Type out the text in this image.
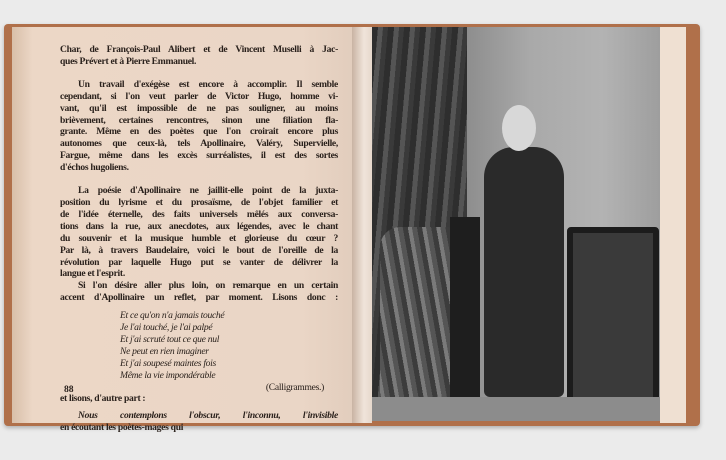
Char, de François-Paul Alibert et de Vincent Muselli à Jac-
ques Prévert et à Pierre Emmanuel.
Un travail d'exégèse est encore à accomplir. Il semble
cependant, si l'on veut parler de Victor Hugo, homme vi-
vant, qu'il est impossible de ne pas souligner, au moins
brièvement, certaines rencontres, sinon une filiation fla-
grante. Même en des poètes que l'on croirait encore plus
autonomes que ceux-là, tels Apollinaire, Valéry, Supervielle,
Fargue, même dans les excès surréalistes, il est des sortes
d'échos hugoliens.
La poésie d'Apollinaire ne jaillit-elle point de la juxta-
position du lyrisme et du prosaïsme, de l'objet familier et
de l'idée éternelle, des faits universels mêlés aux conversa-
tions dans la rue, aux anecdotes, aux légendes, avec le chant
du souvenir et la musique humble et glorieuse du cœur ?
Par là, à travers Baudelaire, voici le bout de l'oreille de la
révolution par laquelle Hugo put se vanter de délivrer la
langue et l'esprit.
Si l'on désire aller plus loin, on remarque en un certain
accent d'Apollinaire un reflet, par moment. Lisons donc :
Et ce qu'on n'a jamais touché
Je l'ai touché, je l'ai palpé
Et j'ai scruté tout ce que nul
Ne peut en rien imaginer
Et j'ai soupesé maintes fois
Même la vie impondérable
(Calligrammes.)
et lisons, d'autre part :
Nous contemplons l'obscur, l'inconnu, l'invisible
en écoutant les poètes-mages qui
88
